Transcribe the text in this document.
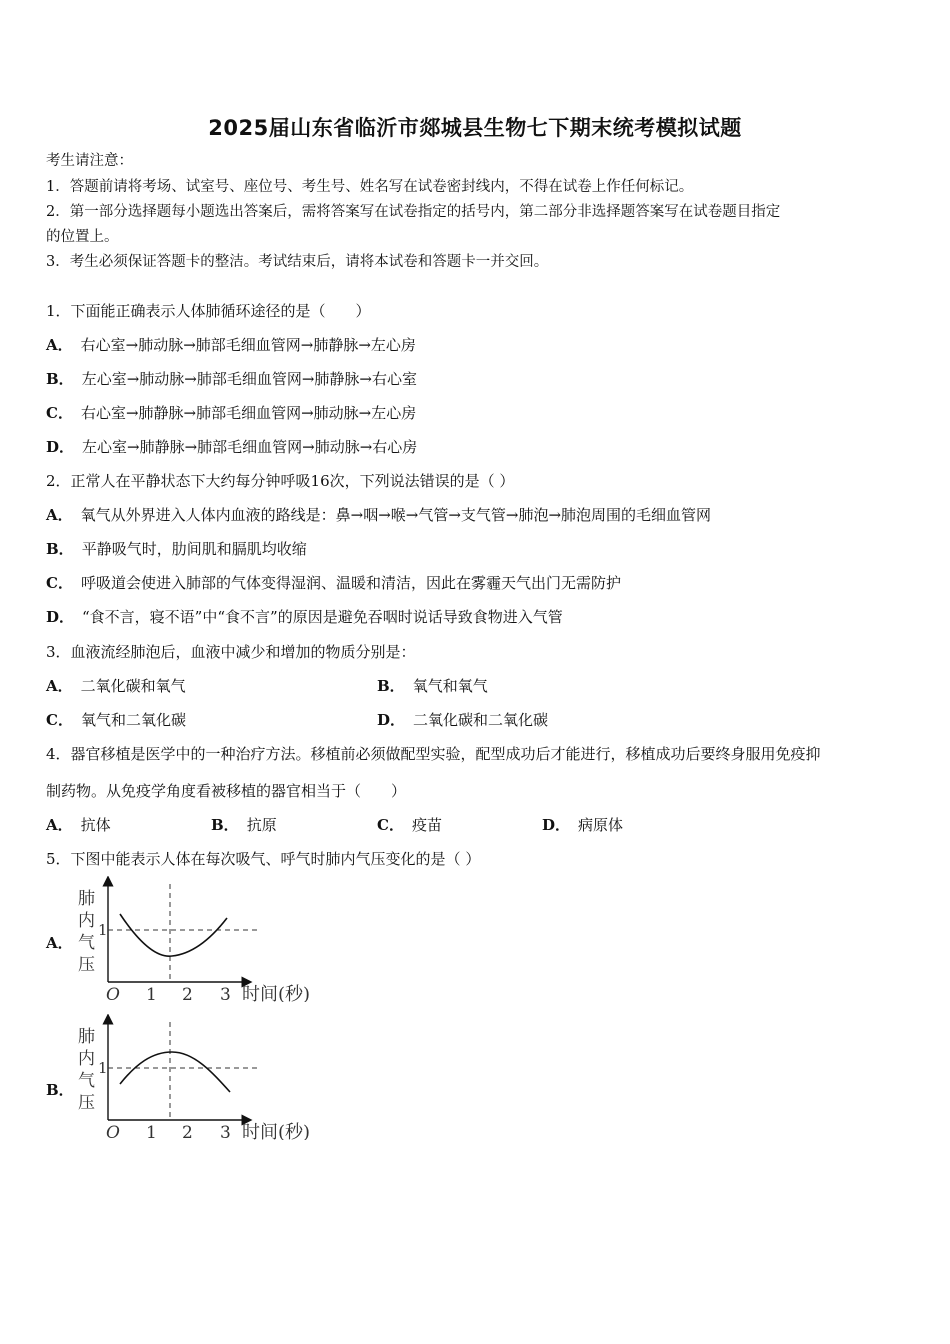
2025届山东省临沂市郯城县生物七下期末统考模拟试题
考生请注意：
1．答题前请将考场、试室号、座位号、考生号、姓名写在试卷密封线内，不得在试卷上作任何标记。
2．第一部分选择题每小题选出答案后，需将答案写在试卷指定的括号内，第二部分非选择题答案写在试卷题目指定
的位置上。
3．考生必须保证答题卡的整洁。考试结束后，请将本试卷和答题卡一并交回。
1．下面能正确表示人体肺循环途径的是（　　）
A． 右心室→肺动脉→肺部毛细血管网→肺静脉→左心房
B． 左心室→肺动脉→肺部毛细血管网→肺静脉→右心室
C． 右心室→肺静脉→肺部毛细血管网→肺动脉→左心房
D． 左心室→肺静脉→肺部毛细血管网→肺动脉→右心房
2．正常人在平静状态下大约每分钟呼吸16次，下列说法错误的是（ ）
A． 氧气从外界进入人体内血液的路线是：鼻→咽→喉→气管→支气管→肺泡→肺泡周围的毛细血管网
B． 平静吸气时，肋间肌和膈肌均收缩
C． 呼吸道会使进入肺部的气体变得湿润、温暖和清洁，因此在雾霾天气出门无需防护
D． “食不言，寝不语”中“食不言”的原因是避免吞咽时说话导致食物进入气管
3．血液流经肺泡后，血液中减少和增加的物质分别是：
A． 二氧化碳和氧气	B． 氧气和氧气
C． 氧气和二氧化碳	D． 二氧化碳和二氧化碳
4．器官移植是医学中的一种治疗方法。移植前必须做配型实验，配型成功后才能进行，移植成功后要终身服用免疫抑
制药物。从免疫学角度看被移植的器官相当于（　　）
A． 抗体	B． 抗原	C． 疫苗	D． 病原体
5．下图中能表示人体在每次吸气、呼气时肺内气压变化的是（ ）
A．
肺
内
气
压
1
O 1 2 3 时间(秒)
B．
肺
内
气
压
1
O 1 2 3 时间(秒)
